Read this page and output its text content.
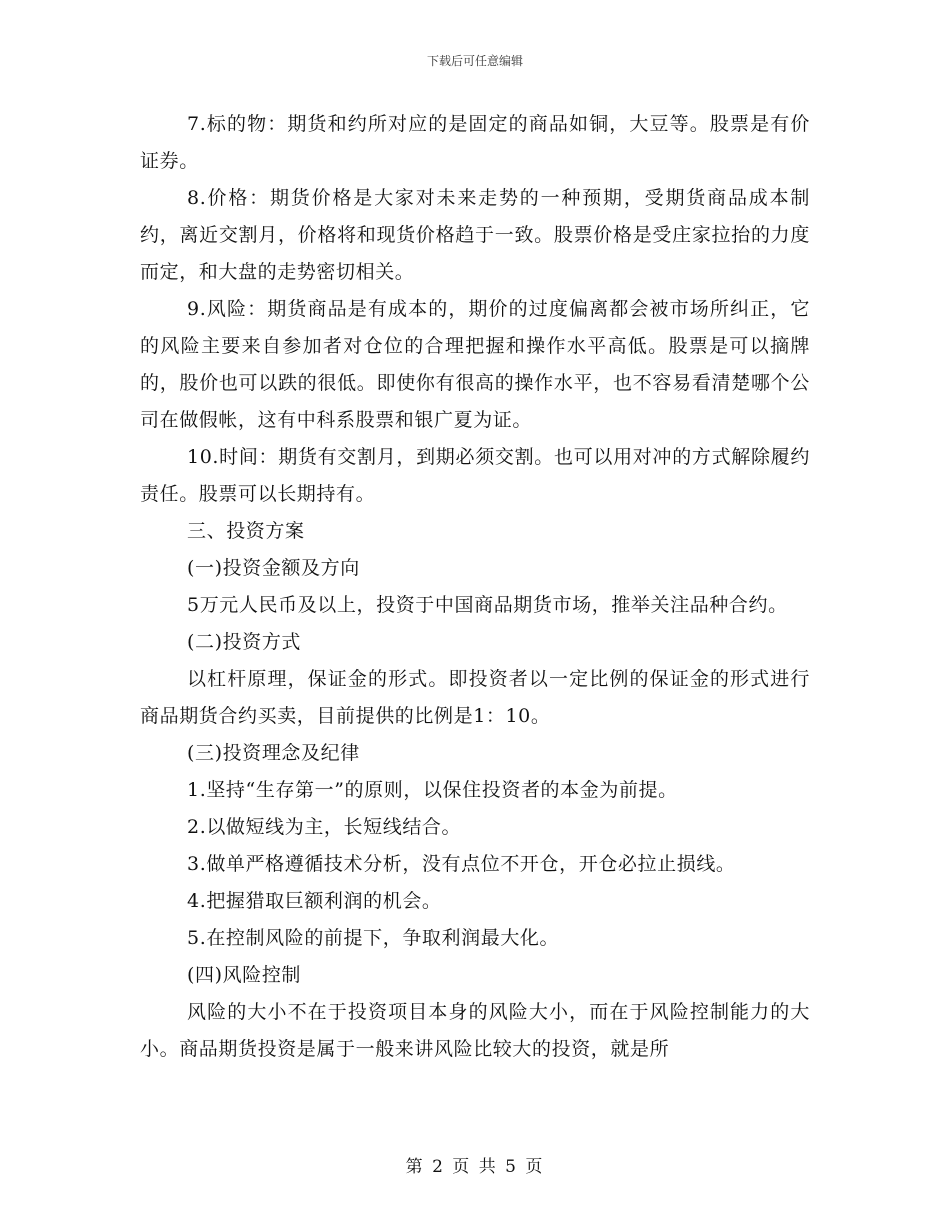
下载后可任意编辑

7.标的物：期货和约所对应的是固定的商品如铜，大豆等。股票是有价证券。

8.价格：期货价格是大家对未来走势的一种预期，受期货商品成本制约，离近交割月，价格将和现货价格趋于一致。股票价格是受庄家拉抬的力度而定，和大盘的走势密切相关。

9.风险：期货商品是有成本的，期价的过度偏离都会被市场所纠正，它的风险主要来自参加者对仓位的合理把握和操作水平高低。股票是可以摘牌的，股价也可以跌的很低。即使你有很高的操作水平，也不容易看清楚哪个公司在做假帐，这有中科系股票和银广夏为证。

10.时间：期货有交割月，到期必须交割。也可以用对冲的方式解除履约责任。股票可以长期持有。

三、投资方案

(一)投资金额及方向

5万元人民币及以上，投资于中国商品期货市场，推举关注品种合约。

(二)投资方式

以杠杆原理，保证金的形式。即投资者以一定比例的保证金的形式进行商品期货合约买卖，目前提供的比例是1：10。

(三)投资理念及纪律

1.坚持“生存第一”的原则，以保住投资者的本金为前提。

2.以做短线为主，长短线结合。

3.做单严格遵循技术分析，没有点位不开仓，开仓必拉止损线。

4.把握猎取巨额利润的机会。

5.在控制风险的前提下，争取利润最大化。

(四)风险控制

风险的大小不在于投资项目本身的风险大小，而在于风险控制能力的大小。商品期货投资是属于一般来讲风险比较大的投资，就是所

第 2 页 共 5 页
